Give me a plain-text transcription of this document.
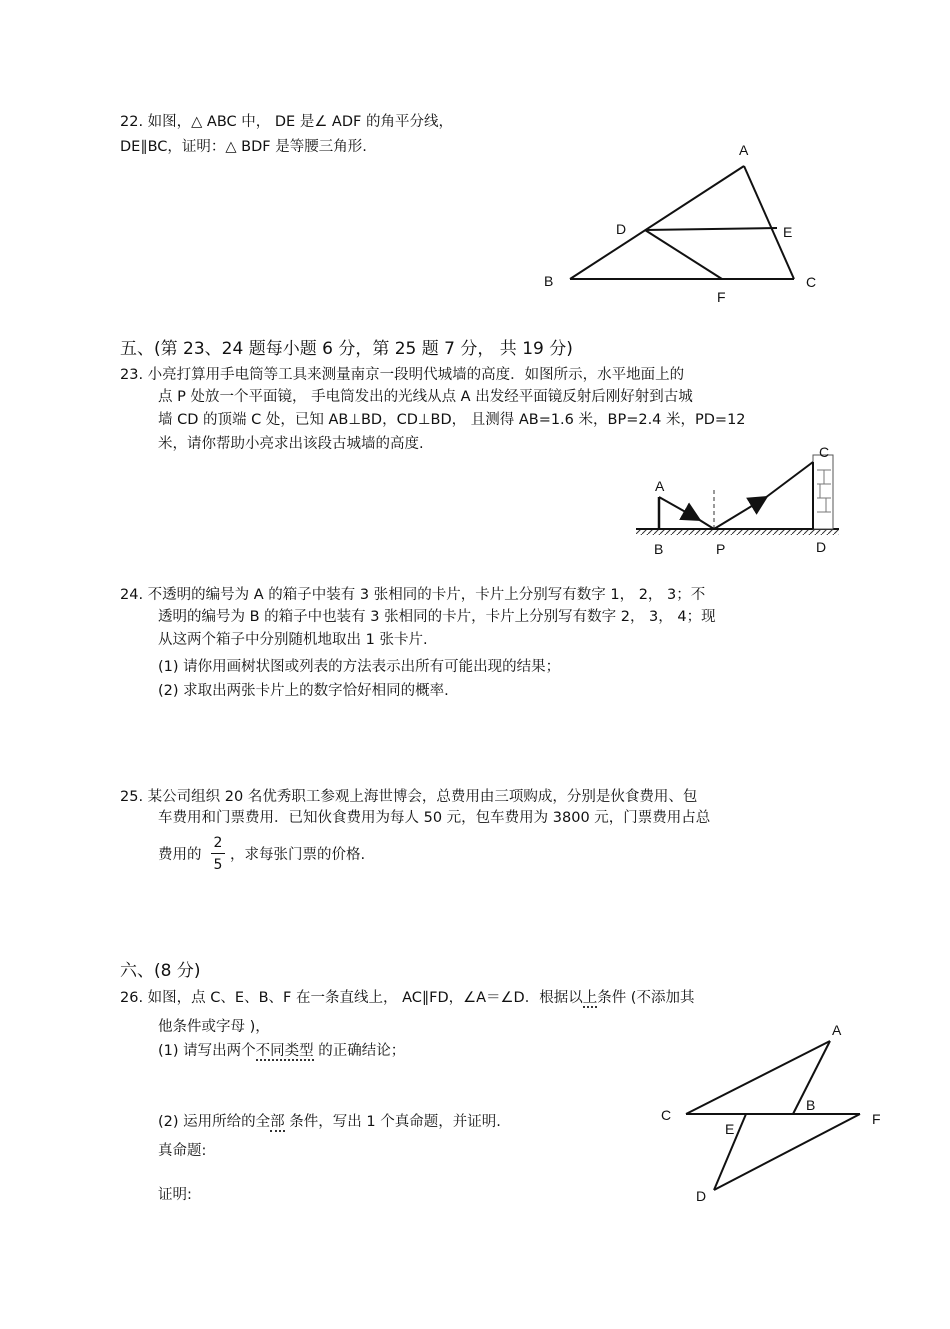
22. 如图，△ ABC 中， DE 是∠ ADF 的角平分线，
DE∥BC，证明：△ BDF 是等腰三角形.	A
B	C
D	E
F
五、(第 23、24 题每小题 6 分，第 25 题 7 分， 共 19 分)
23. 小亮打算用手电筒等工具来测量南京一段明代城墙的高度．如图所示，水平地面上的
点 P 处放一个平面镜， 手电筒发出的光线从点 A 出发经平面镜反射后刚好射到古城
墙 CD 的顶端 C 处，已知 AB⊥BD，CD⊥BD， 且测得 AB=1.6 米，BP=2.4 米，PD=12
米，请你帮助小亮求出该段古城墙的高度.
A
B	P
C
D
24. 不透明的编号为 A 的箱子中装有 3 张相同的卡片，卡片上分别写有数字 1， 2， 3；不
透明的编号为 B 的箱子中也装有 3 张相同的卡片，卡片上分别写有数字 2， 3， 4；现
从这两个箱子中分别随机地取出 1 张卡片.
(1) 请你用画树状图或列表的方法表示出所有可能出现的结果；
(2) 求取出两张卡片上的数字恰好相同的概率.
25. 某公司组织 20 名优秀职工参观上海世博会，总费用由三项购成，分别是伙食费用、包
车费用和门票费用．已知伙食费用为每人 50 元，包车费用为 3800 元，门票费用占总
费用的
2
5
，求每张门票的价格.
六、(8 分)
26. 如图，点 C、E、B、F 在一条直线上， AC∥FD，∠A＝∠D．根据以上条件 (不添加其
他条件或字母 )，
(1) 请写出两个不同类型 的正确结论；
(2) 运用所给的全部 条件，写出 1 个真命题，并证明.
真命题:
证明:
A
B
C
D
E
F
